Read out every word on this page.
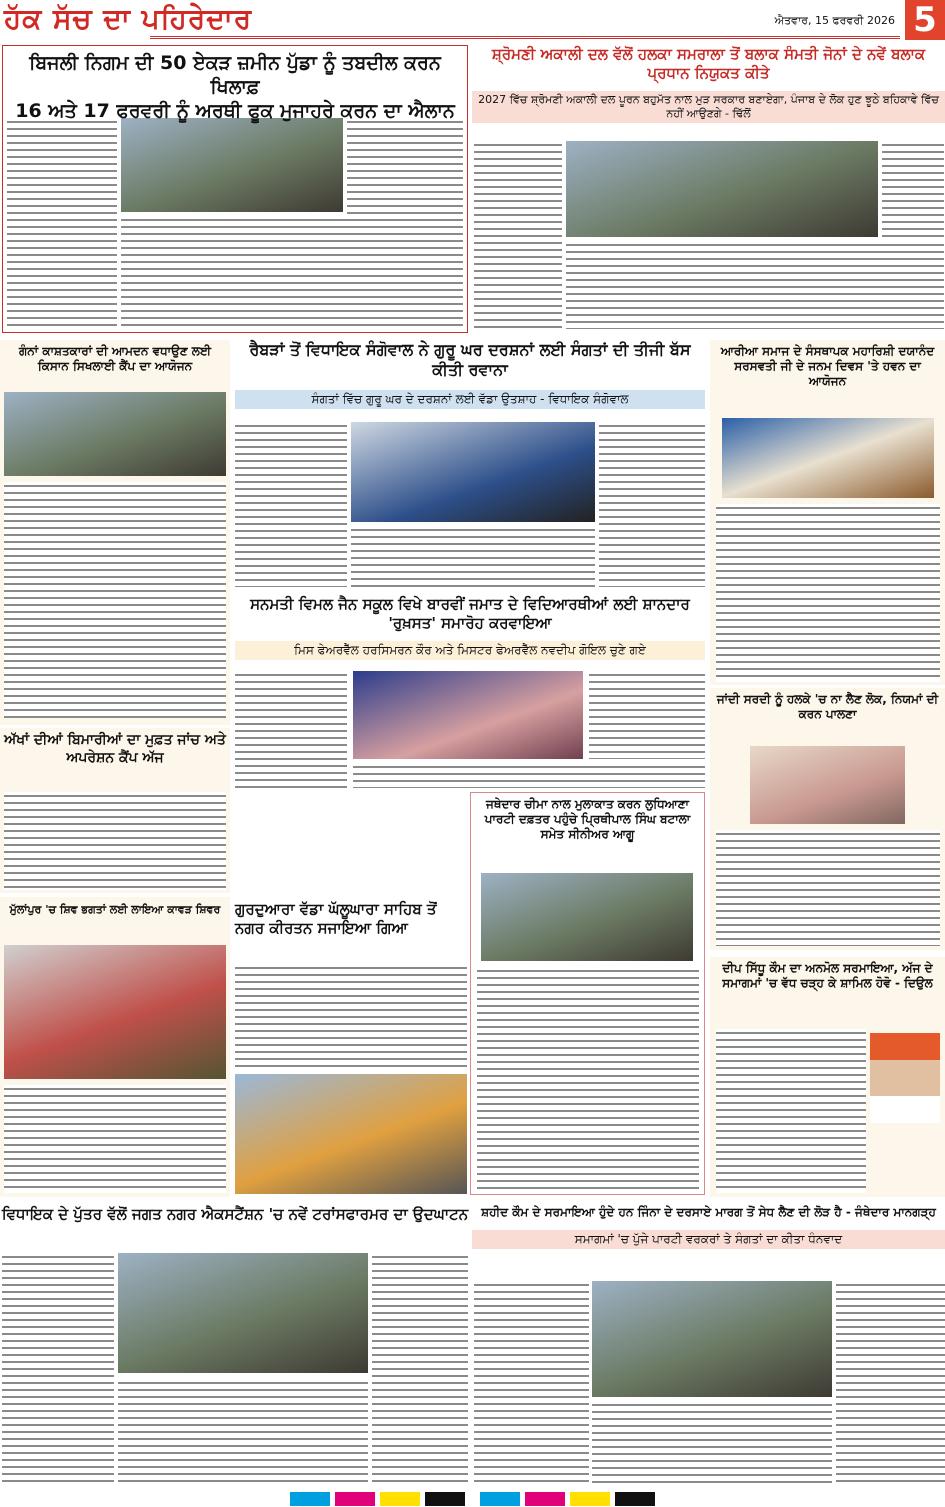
ਹੱਕ ਸੱਚ ਦਾ ਪਹਿਰੇਦਾਰ	ਐਤਵਾਰ, 15 ਫਰਵਰੀ 2026 5
ਬਿਜਲੀ ਨਿਗਮ ਦੀ 50 ਏਕੜ ਜ਼ਮੀਨ ਪੁੱਡਾ ਨੂੰ ਤਬਦੀਲ ਕਰਨ ਖਿਲਾਫ਼
16 ਅਤੇ 17 ਫਰਵਰੀ ਨੂੰ ਅਰਥੀ ਫੂਕ ਮੁਜਾਹਰੇ ਕਰਨ ਦਾ ਐਲਾਨ
ਸ਼੍ਰੋਮਣੀ ਅਕਾਲੀ ਦਲ ਵੱਲੋਂ ਹਲਕਾ ਸਮਰਾਲਾ ਤੋਂ ਬਲਾਕ ਸੰਮਤੀ ਜੋਨਾਂ ਦੇ ਨਵੇਂ ਬਲਾਕ ਪ੍ਰਧਾਨ ਨਿਯੁਕਤ ਕੀਤੇ
2027 ਵਿੱਚ ਸ਼੍ਰੋਮਣੀ ਅਕਾਲੀ ਦਲ ਪੂਰਨ ਬਹੁਮੱਤ ਨਾਲ ਮੁੜ ਸਰਕਾਰ ਬਣਾਏਗਾ, ਪੰਜਾਬ ਦੇ ਲੋਕ ਹੁਣ ਝੂਠੇ ਬਹਿਕਾਵੇ ਵਿੱਚ ਨਹੀਂ ਆਉਣਗੇ - ਢਿੱਲੋਂ
ਗੰਨਾਂ ਕਾਸ਼ਤਕਾਰਾਂ ਦੀ ਆਮਦਨ ਵਧਾਉਣ ਲਈ ਕਿਸਾਨ ਸਿਖਲਾਈ ਕੈਂਪ ਦਾ ਆਯੋਜਨ
ਰੈਬੜਾਂ ਤੋਂ ਵਿਧਾਇਕ ਸੰਗੋਵਾਲ ਨੇ ਗੁਰੂ ਘਰ ਦਰਸ਼ਨਾਂ ਲਈ ਸੰਗਤਾਂ ਦੀ ਤੀਜੀ ਬੱਸ ਕੀਤੀ ਰਵਾਨਾ
ਸੰਗਤਾਂ ਵਿੱਚ ਗੁਰੂ ਘਰ ਦੇ ਦਰਸ਼ਨਾਂ ਲਈ ਵੱਡਾ ਉਤਸ਼ਾਹ - ਵਿਧਾਇਕ ਸੰਗੋਵਾਲ
ਆਰੀਆ ਸਮਾਜ ਦੇ ਸੰਸਥਾਪਕ ਮਹਾਰਿਸ਼ੀ ਦਯਾਨੰਦ ਸਰਸਵਤੀ ਜੀ ਦੇ ਜਨਮ ਦਿਵਸ 'ਤੇ ਹਵਨ ਦਾ ਆਯੋਜਨ
ਸਨਮਤੀ ਵਿਮਲ ਜੈਨ ਸਕੂਲ ਵਿਖੇ ਬਾਰਵੀਂ ਜਮਾਤ ਦੇ ਵਿਦਿਆਰਥੀਆਂ ਲਈ ਸ਼ਾਨਦਾਰ 'ਰੁਖ਼ਸਤ' ਸਮਾਰੋਹ ਕਰਵਾਇਆ
ਮਿਸ ਫੇਅਰਵੈੱਲ ਹਰਸਿਮਰਨ ਕੌਰ ਅਤੇ ਮਿਸਟਰ ਫੇਅਰਵੈੱਲ ਨਵਦੀਪ ਗੋਇਲ ਚੁਣੇ ਗਏ
ਅੱਖਾਂ ਦੀਆਂ ਬਿਮਾਰੀਆਂ ਦਾ ਮੁਫ਼ਤ ਜਾਂਚ ਅਤੇ ਅਪਰੇਸ਼ਨ ਕੈਂਪ ਅੱਜ
ਜਾਂਦੀ ਸਰਦੀ ਨੂੰ ਹਲਕੇ 'ਚ ਨਾ ਲੈਣ ਲੋਕ, ਨਿਯਮਾਂ ਦੀ ਕਰਨ ਪਾਲਣਾ
ਜਥੇਦਾਰ ਚੀਮਾ ਨਾਲ ਮੁਲਾਕਾਤ ਕਰਨ ਲੁਧਿਆਣਾ ਪਾਰਟੀ ਦਫ਼ਤਰ ਪਹੁੰਚੇ ਪ੍ਰਿਥੀਪਾਲ ਸਿੰਘ ਬਟਾਲਾ ਸਮੇਤ ਸੀਨੀਅਰ ਆਗੂ
ਮੁੱਲਾਂਪੁਰ 'ਚ ਸ਼ਿਵ ਭਗਤਾਂ ਲਈ ਲਾਇਆ ਕਾਵੜ ਸ਼ਿਵਰ ਗੁਰਦੁਆਰਾ ਵੱਡਾ ਘੱਲੂਘਾਰਾ ਸਾਹਿਬ ਤੋਂ ਨਗਰ ਕੀਰਤਨ ਸਜਾਇਆ ਗਿਆ
ਦੀਪ ਸਿੱਧੂ ਕੌਮ ਦਾ ਅਨਮੋਲ ਸਰਮਾਇਆ, ਅੱਜ ਦੇ ਸਮਾਗਮਾਂ 'ਚ ਵੱਧ ਚੜ੍ਹ ਕੇ ਸ਼ਾਮਿਲ ਹੋਵੋ - ਦਿਉਲ
ਵਿਧਾਇਕ ਦੇ ਪੁੱਤਰ ਵੱਲੋਂ ਜਗਤ ਨਗਰ ਐਕਸਟੈਂਸ਼ਨ 'ਚ ਨਵੇਂ ਟਰਾਂਸਫਾਰਮਰ ਦਾ ਉਦਘਾਟਨ	ਸ਼ਹੀਦ ਕੌਮ ਦੇ ਸਰਮਾਇਆ ਹੁੰਦੇ ਹਨ ਜਿੰਨਾ ਦੇ ਦਰਸਾਏ ਮਾਰਗ ਤੋਂ ਸੇਧ ਲੈਣ ਦੀ ਲੋੜ ਹੈ - ਜੰਥੇਦਾਰ ਮਾਨਗੜ੍ਹ
ਸਮਾਗਮਾਂ 'ਚ ਪੁੱਜੇ ਪਾਰਟੀ ਵਰਕਰਾਂ ਤੇ ਸੰਗਤਾਂ ਦਾ ਕੀਤਾ ਧੰਨਵਾਦ
